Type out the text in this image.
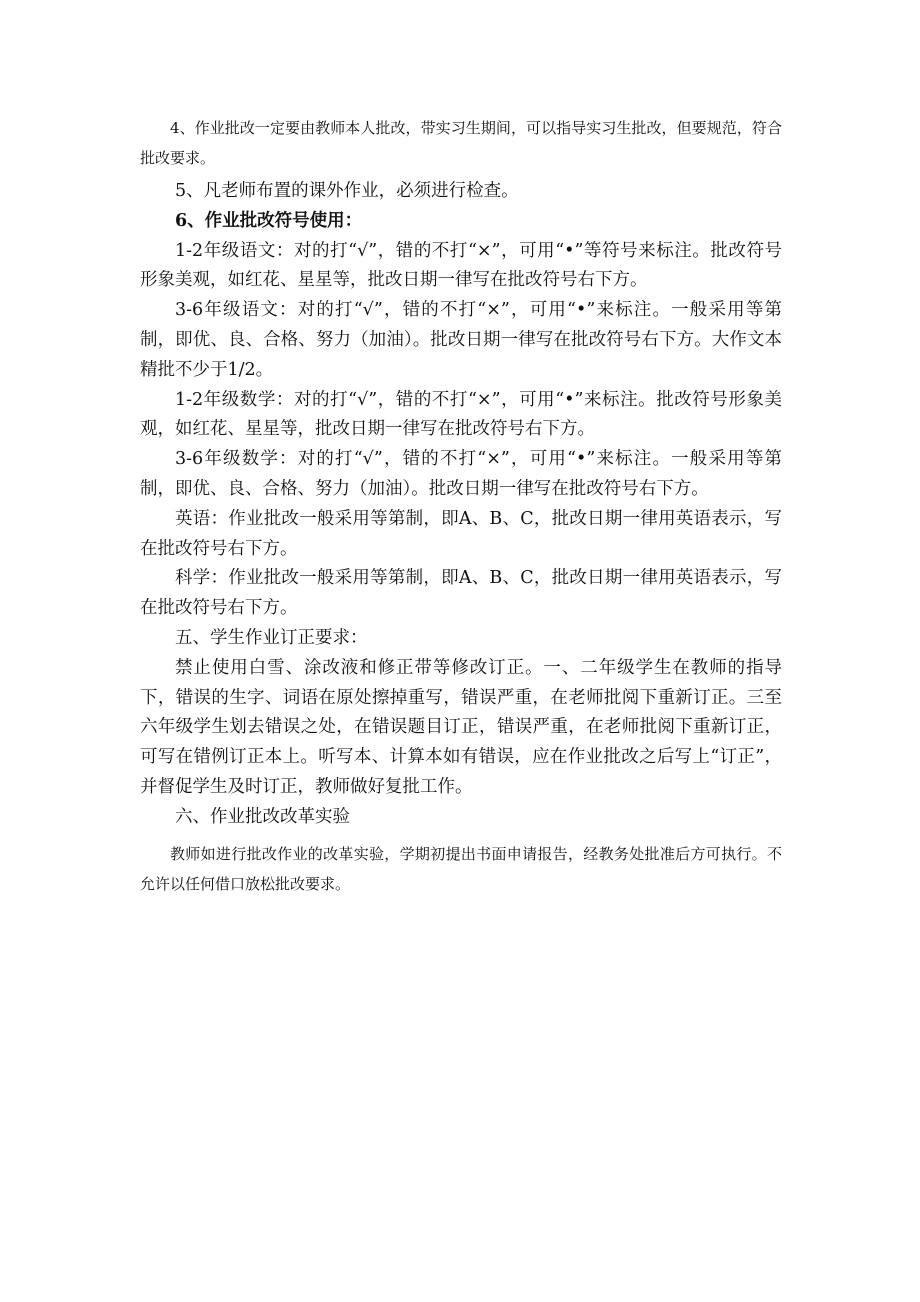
4、作业批改一定要由教师本人批改，带实习生期间，可以指导实习生批改，但要规范，符合批改要求。

5、凡老师布置的课外作业，必须进行检查。

6、作业批改符号使用：

1-2年级语文：对的打“√”，错的不打“×”，可用“•”等符号来标注。批改符号形象美观，如红花、星星等，批改日期一律写在批改符号右下方。

3-6年级语文：对的打“√”，错的不打“×”，可用“•”来标注。一般采用等第制，即优、良、合格、努力（加油）。批改日期一律写在批改符号右下方。大作文本精批不少于1/2。

1-2年级数学：对的打“√”，错的不打“×”，可用“•”来标注。批改符号形象美观，如红花、星星等，批改日期一律写在批改符号右下方。

3-6年级数学：对的打“√”，错的不打“×”，可用“•”来标注。一般采用等第制，即优、良、合格、努力（加油）。批改日期一律写在批改符号右下方。

英语：作业批改一般采用等第制，即A、B、C，批改日期一律用英语表示，写在批改符号右下方。

科学：作业批改一般采用等第制，即A、B、C，批改日期一律用英语表示，写在批改符号右下方。

五、学生作业订正要求：

禁止使用白雪、涂改液和修正带等修改订正。一、二年级学生在教师的指导下，错误的生字、词语在原处擦掉重写，错误严重，在老师批阅下重新订正。三至六年级学生划去错误之处，在错误题目订正，错误严重，在老师批阅下重新订正，可写在错例订正本上。听写本、计算本如有错误，应在作业批改之后写上“订正”，并督促学生及时订正，教师做好复批工作。

六、作业批改改革实验

教师如进行批改作业的改革实验，学期初提出书面申请报告，经教务处批准后方可执行。不允许以任何借口放松批改要求。
